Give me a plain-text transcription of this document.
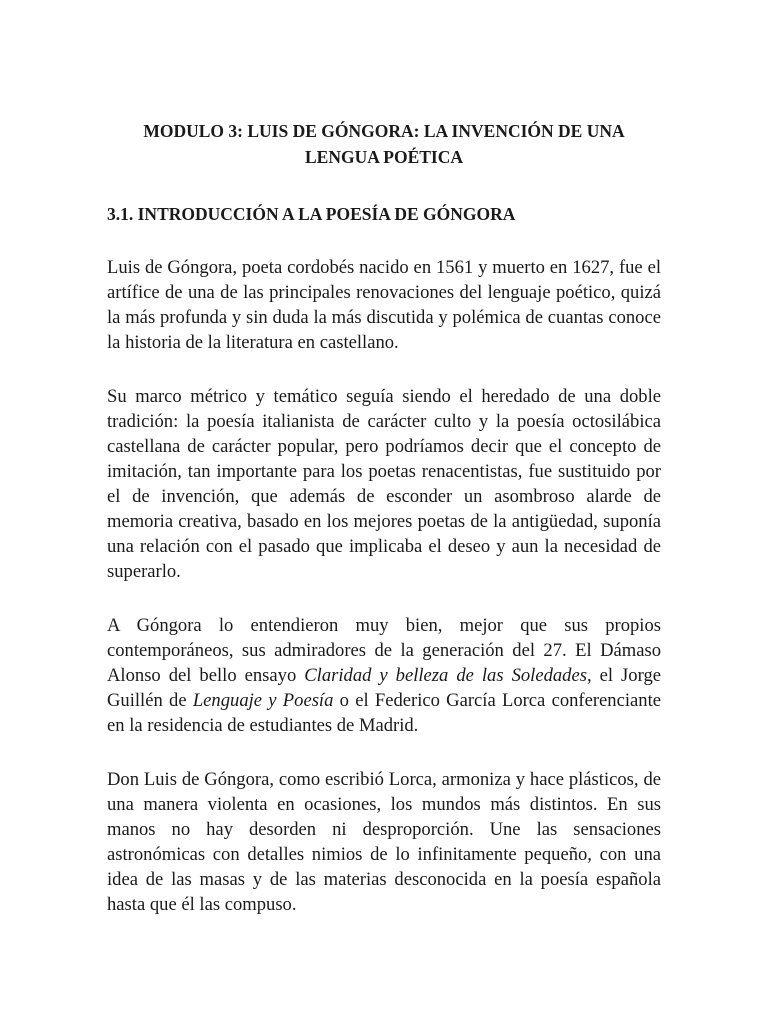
MODULO 3: LUIS DE GÓNGORA: LA INVENCIÓN DE UNA
LENGUA POÉTICA

3.1. INTRODUCCIÓN A LA POESÍA DE GÓNGORA

Luis de Góngora, poeta cordobés nacido en 1561 y muerto en 1627, fue el artífice de una de las principales renovaciones del lenguaje poético, quizá la más profunda y sin duda la más discutida y polémica de cuantas conoce la historia de la literatura en castellano.

Su marco métrico y temático seguía siendo el heredado de una doble tradición: la poesía italianista de carácter culto y la poesía octosilábica castellana de carácter popular, pero podríamos decir que el concepto de imitación, tan importante para los poetas renacentistas, fue sustituido por el de invención, que además de esconder un asombroso alarde de memoria creativa, basado en los mejores poetas de la antigüedad, suponía una relación con el pasado que implicaba el deseo y aun la necesidad de superarlo.

A Góngora lo entendieron muy bien, mejor que sus propios contemporáneos, sus admiradores de la generación del 27. El Dámaso Alonso del bello ensayo Claridad y belleza de las Soledades, el Jorge Guillén de Lenguaje y Poesía o el Federico García Lorca conferenciante en la residencia de estudiantes de Madrid.

Don Luis de Góngora, como escribió Lorca, armoniza y hace plásticos, de una manera violenta en ocasiones, los mundos más distintos. En sus manos no hay desorden ni desproporción. Une las sensaciones astronómicas con detalles nimios de lo infinitamente pequeño, con una idea de las masas y de las materias desconocida en la poesía española hasta que él las compuso.
